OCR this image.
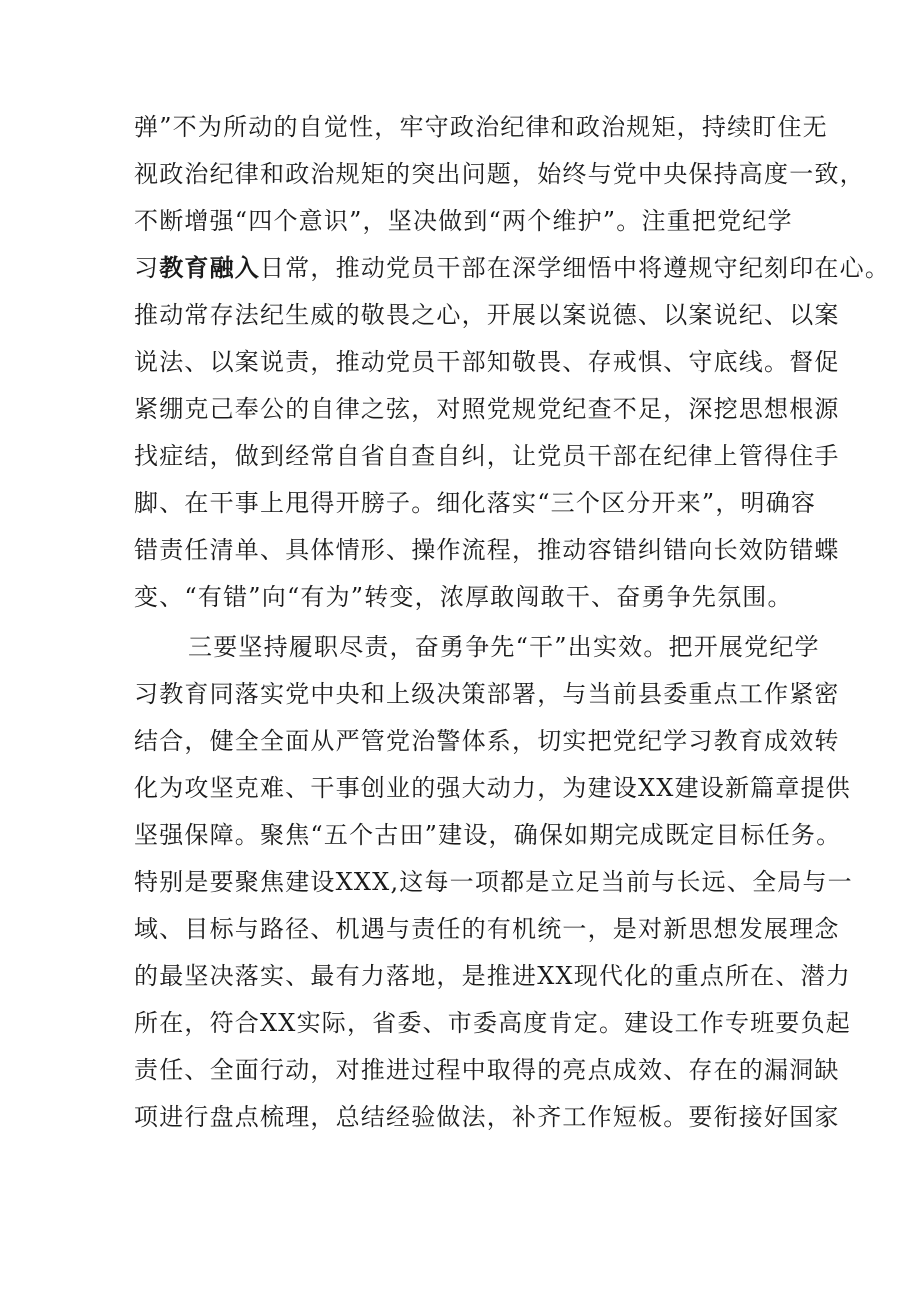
弹”不为所动的自觉性，牢守政治纪律和政治规矩，持续盯住无
视政治纪律和政治规矩的突出问题，始终与党中央保持高度一致，
不断增强“四个意识”，坚决做到“两个维护”。注重把党纪学
习教育融入日常，推动党员干部在深学细悟中将遵规守纪刻印在心。
推动常存法纪生威的敬畏之心，开展以案说德、以案说纪、以案
说法、以案说责，推动党员干部知敬畏、存戒惧、守底线。督促
紧绷克己奉公的自律之弦，对照党规党纪查不足，深挖思想根源
找症结，做到经常自省自查自纠，让党员干部在纪律上管得住手
脚、在干事上甩得开膀子。细化落实“三个区分开来”，明确容
错责任清单、具体情形、操作流程，推动容错纠错向长效防错蝶
变、“有错”向“有为”转变，浓厚敢闯敢干、奋勇争先氛围。
三要坚持履职尽责，奋勇争先“干”出实效。把开展党纪学
习教育同落实党中央和上级决策部署，与当前县委重点工作紧密
结合，健全全面从严管党治警体系，切实把党纪学习教育成效转
化为攻坚克难、干事创业的强大动力，为建设XX建设新篇章提供
坚强保障。聚焦“五个古田”建设，确保如期完成既定目标任务。
特别是要聚焦建设XXX,这每一项都是立足当前与长远、全局与一
域、目标与路径、机遇与责任的有机统一，是对新思想发展理念
的最坚决落实、最有力落地，是推进XX现代化的重点所在、潜力
所在，符合XX实际，省委、市委高度肯定。建设工作专班要负起
责任、全面行动，对推进过程中取得的亮点成效、存在的漏洞缺
项进行盘点梳理，总结经验做法，补齐工作短板。要衔接好国家
